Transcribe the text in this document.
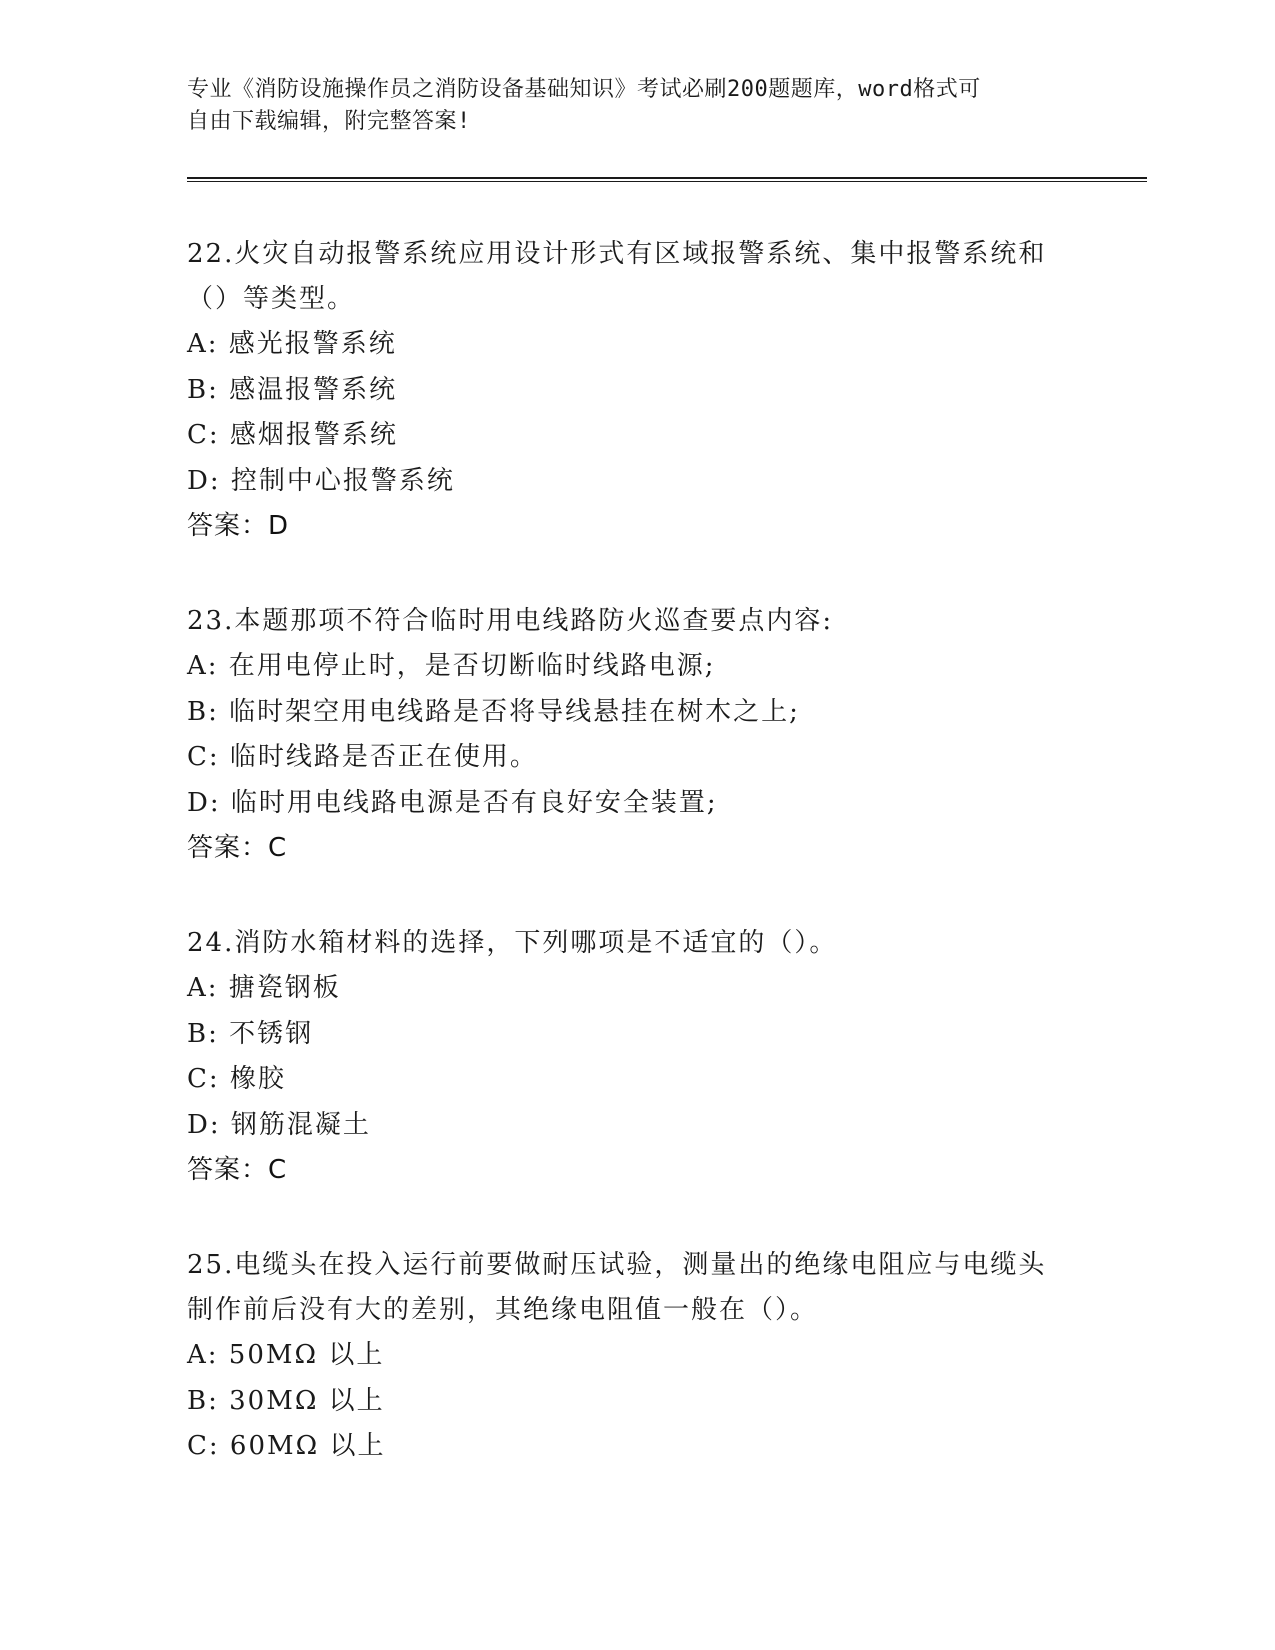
专业《消防设施操作员之消防设备基础知识》考试必刷200题题库，word格式可
自由下载编辑，附完整答案!
22.火灾自动报警系统应用设计形式有区域报警系统、集中报警系统和
（）等类型。
A: 感光报警系统
B: 感温报警系统
C: 感烟报警系统
D: 控制中心报警系统
答案：D
23.本题那项不符合临时用电线路防火巡查要点内容:
A: 在用电停止时，是否切断临时线路电源;
B: 临时架空用电线路是否将导线悬挂在树木之上;
C: 临时线路是否正在使用。
D: 临时用电线路电源是否有良好安全装置;
答案：C
24.消防水箱材料的选择，下列哪项是不适宜的（）。
A: 搪瓷钢板
B: 不锈钢
C: 橡胶
D: 钢筋混凝土
答案：C
25.电缆头在投入运行前要做耐压试验，测量出的绝缘电阻应与电缆头
制作前后没有大的差别，其绝缘电阻值一般在（）。
A: 50MΩ 以上
B: 30MΩ 以上
C: 60MΩ 以上
